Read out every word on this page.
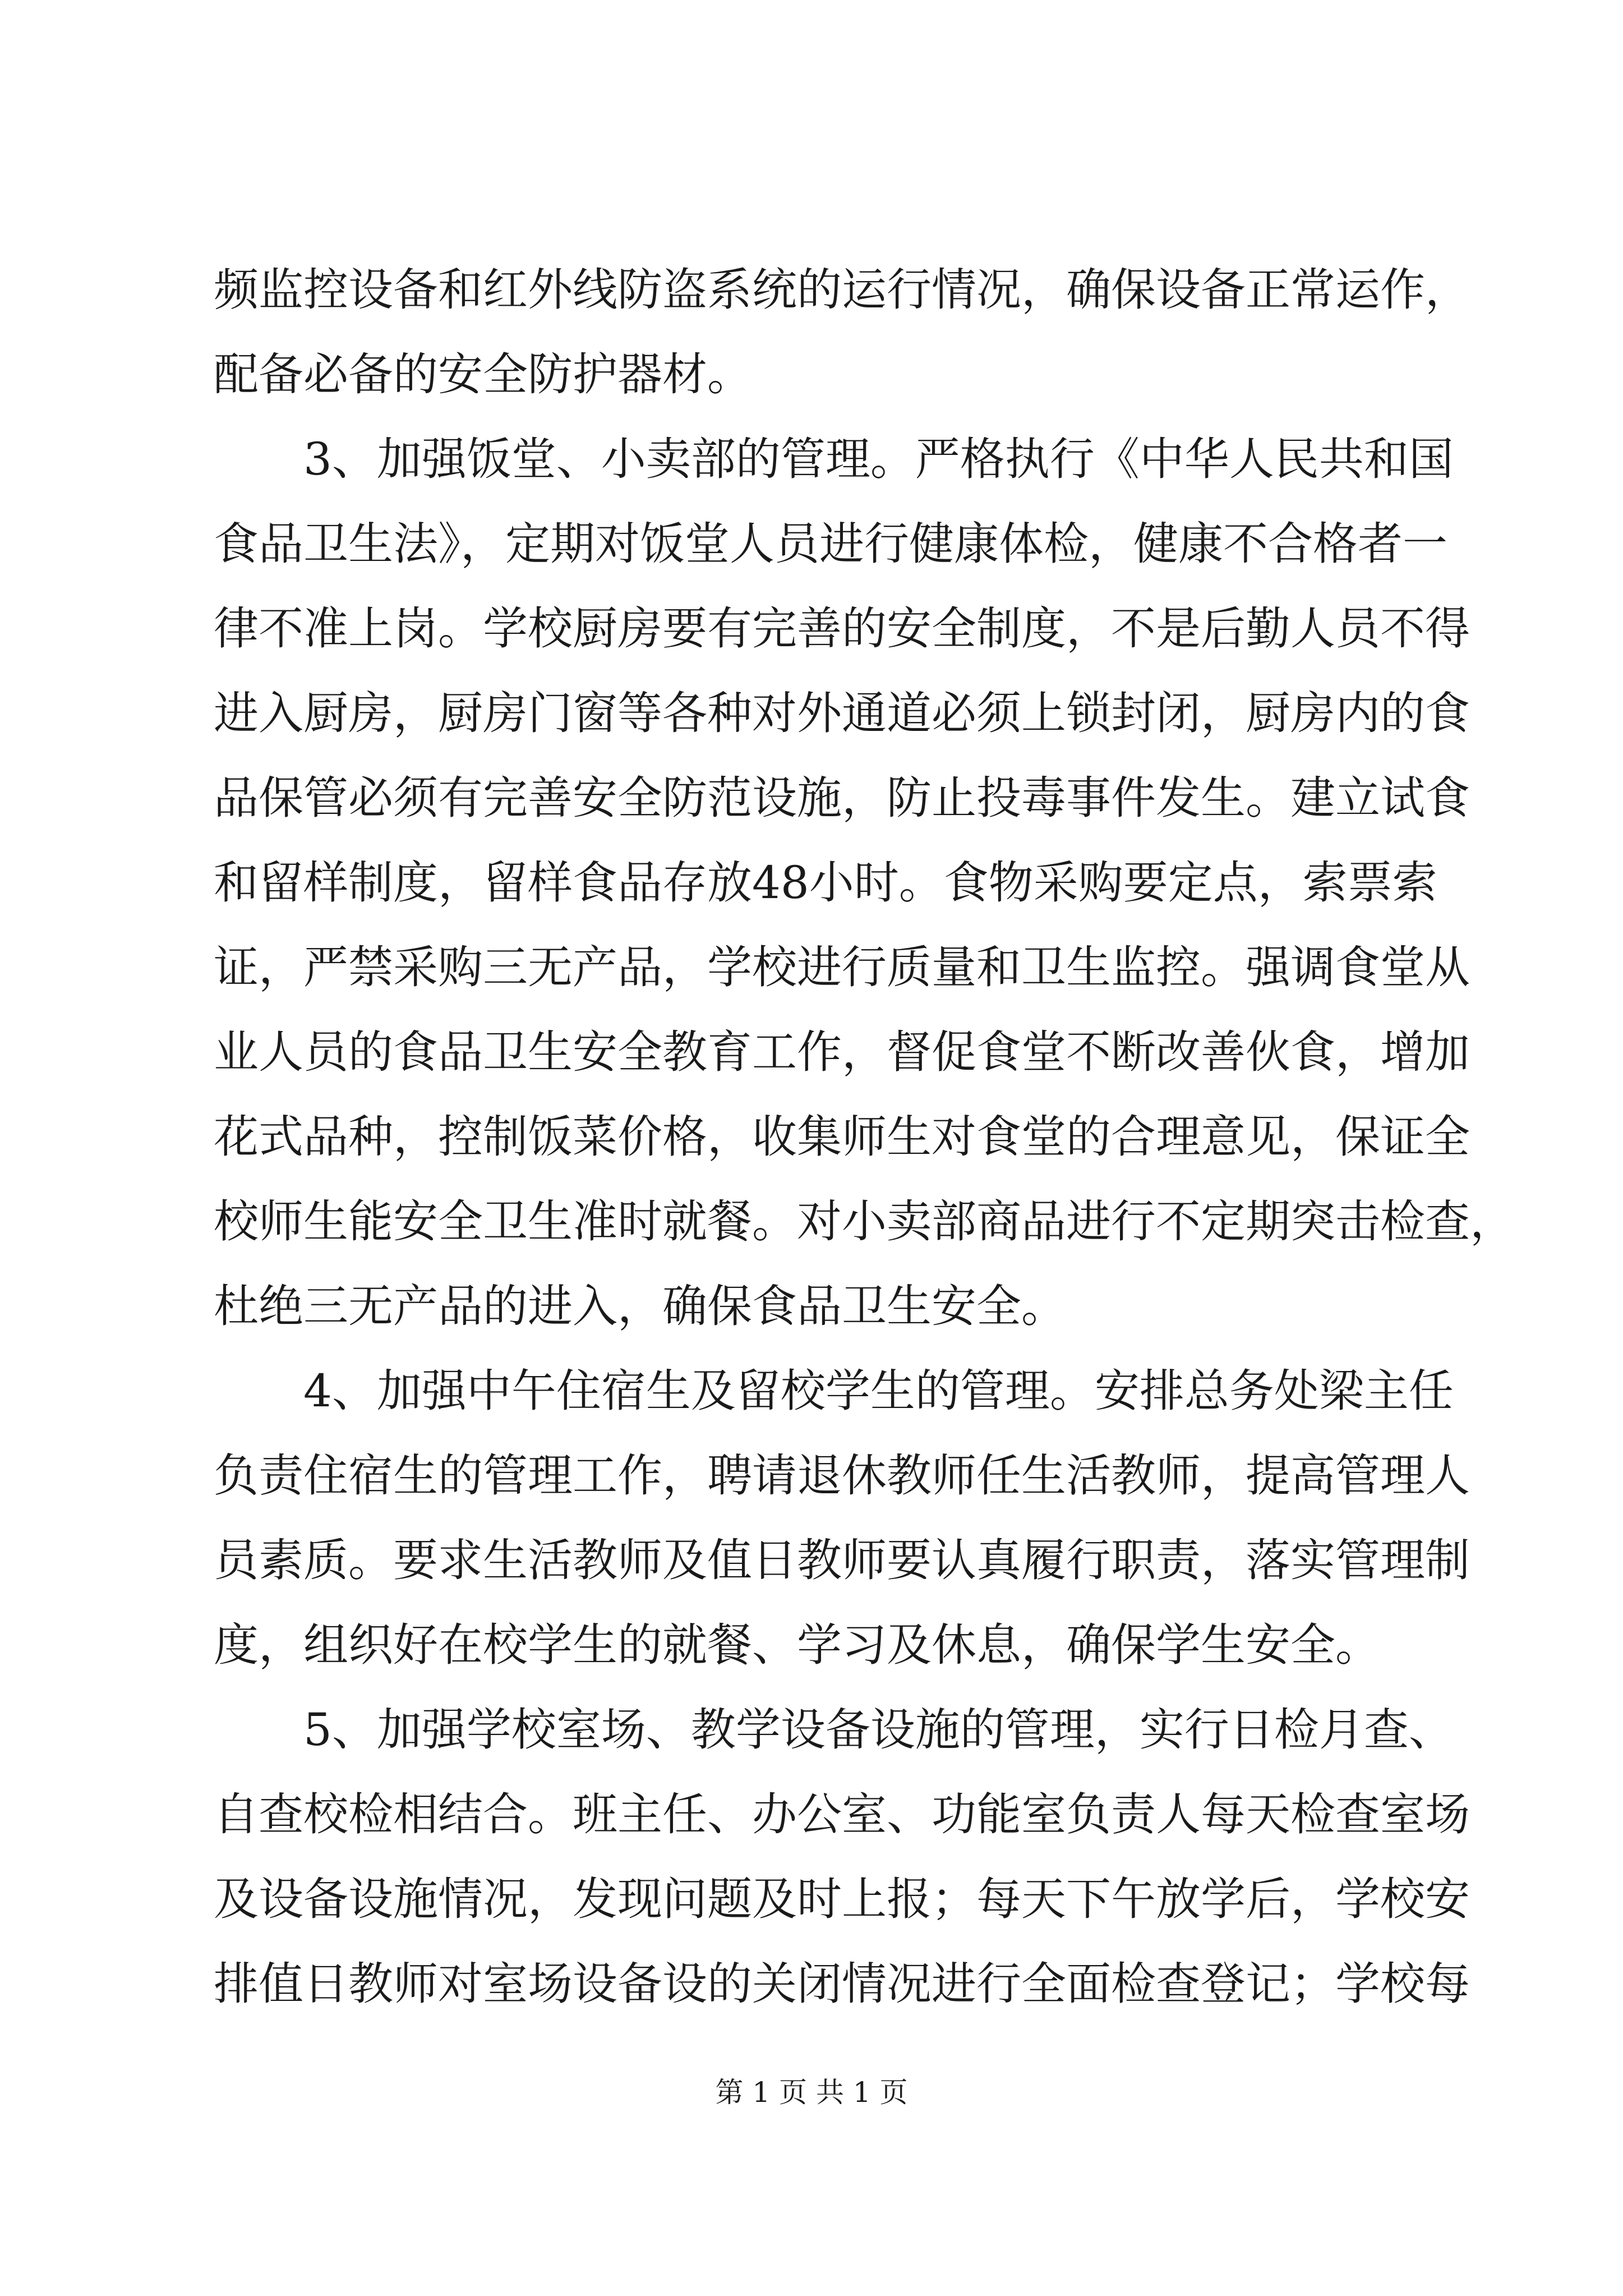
频监控设备和红外线防盗系统的运行情况，确保设备正常运作，
配备必备的安全防护器材。
3、加强饭堂、小卖部的管理。严格执行《中华人民共和国
食品卫生法》，定期对饭堂人员进行健康体检，健康不合格者一
律不准上岗。学校厨房要有完善的安全制度，不是后勤人员不得
进入厨房，厨房门窗等各种对外通道必须上锁封闭，厨房内的食
品保管必须有完善安全防范设施，防止投毒事件发生。建立试食
和留样制度，留样食品存放48小时。食物采购要定点，索票索
证，严禁采购三无产品，学校进行质量和卫生监控。强调食堂从
业人员的食品卫生安全教育工作，督促食堂不断改善伙食，增加
花式品种，控制饭菜价格，收集师生对食堂的合理意见，保证全
校师生能安全卫生准时就餐。对小卖部商品进行不定期突击检查，
杜绝三无产品的进入，确保食品卫生安全。
4、加强中午住宿生及留校学生的管理。安排总务处梁主任
负责住宿生的管理工作，聘请退休教师任生活教师，提高管理人
员素质。要求生活教师及值日教师要认真履行职责，落实管理制
度，组织好在校学生的就餐、学习及休息，确保学生安全。
5、加强学校室场、教学设备设施的管理，实行日检月查、
自查校检相结合。班主任、办公室、功能室负责人每天检查室场
及设备设施情况，发现问题及时上报；每天下午放学后，学校安
排值日教师对室场设备设的关闭情况进行全面检查登记；学校每
第 1 页 共 1 页
